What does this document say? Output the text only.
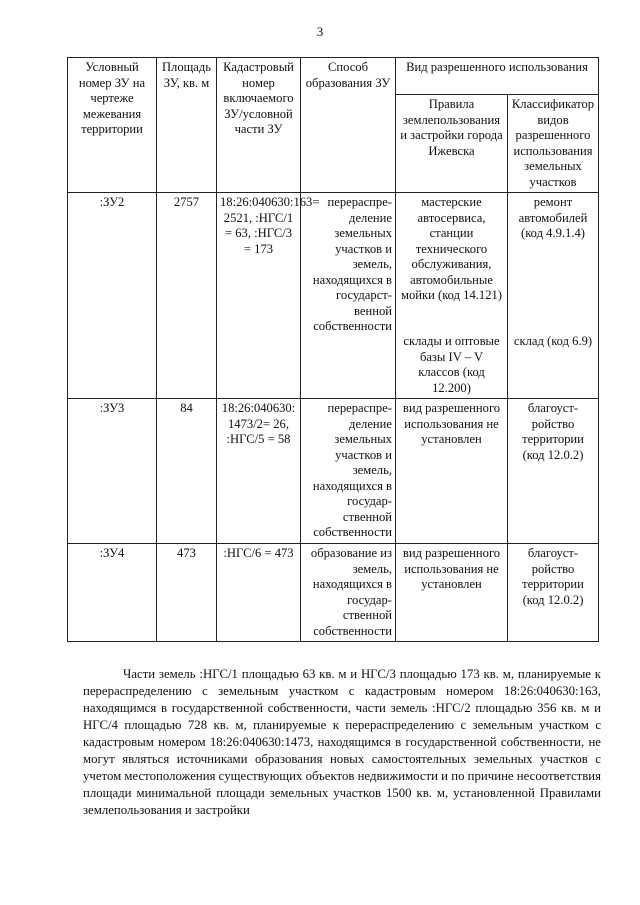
3
Условный номер ЗУ на чертеже межевания территории	Площадь ЗУ, кв. м	Кадастровый номер включаемого ЗУ/условной части ЗУ	Способ образования ЗУ	Вид разрешенного использования	
				Правила землепользования и застройки города Ижевска	Классификатор видов разрешенного использования земельных участков
:ЗУ2	2757	18:26:040630:163= 2521, :НГС/1 = 63, :НГС/3 = 173	перераспре-деление земельных участков и земель, находящихся в государст-венной собственности	мастерские автосервиса, станции технического обслуживания, автомобильные мойки (код 14.121)	ремонт автомобилей (код 4.9.1.4)
				склады и оптовые базы IV – V классов (код 12.200)	склад (код 6.9)
:ЗУ3	84	18:26:040630: 1473/2= 26, :НГС/5 = 58	перераспре-деление земельных участков и земель, находящихся в государ-ственной собственности	вид разрешенного использования не установлен	благоуст-ройство территории (код 12.0.2)
:ЗУ4	473	:НГС/6 = 473	образование из земель, находящихся в государ-ственной собственности	вид разрешенного использования не установлен	благоуст-ройство территории (код 12.0.2)

Части земель :НГС/1 площадью 63 кв. м и НГС/3 площадью 173 кв. м, планируемые к перераспределению с земельным участком с кадастровым номером 18:26:040630:163, находящимся в государственной собственности, части земель :НГС/2 площадью 356 кв. м и НГС/4 площадью 728 кв. м, планируемые к перераспределению с земельным участком с кадастровым номером 18:26:040630:1473, находящимся в государственной собственности, не могут являться источниками образования новых самостоятельных земельных участков с учетом местоположения существующих объектов недвижимости и по причине несоответствия площади минимальной площади земельных участков 1500 кв. м, установленной Правилами землепользования и застройки
